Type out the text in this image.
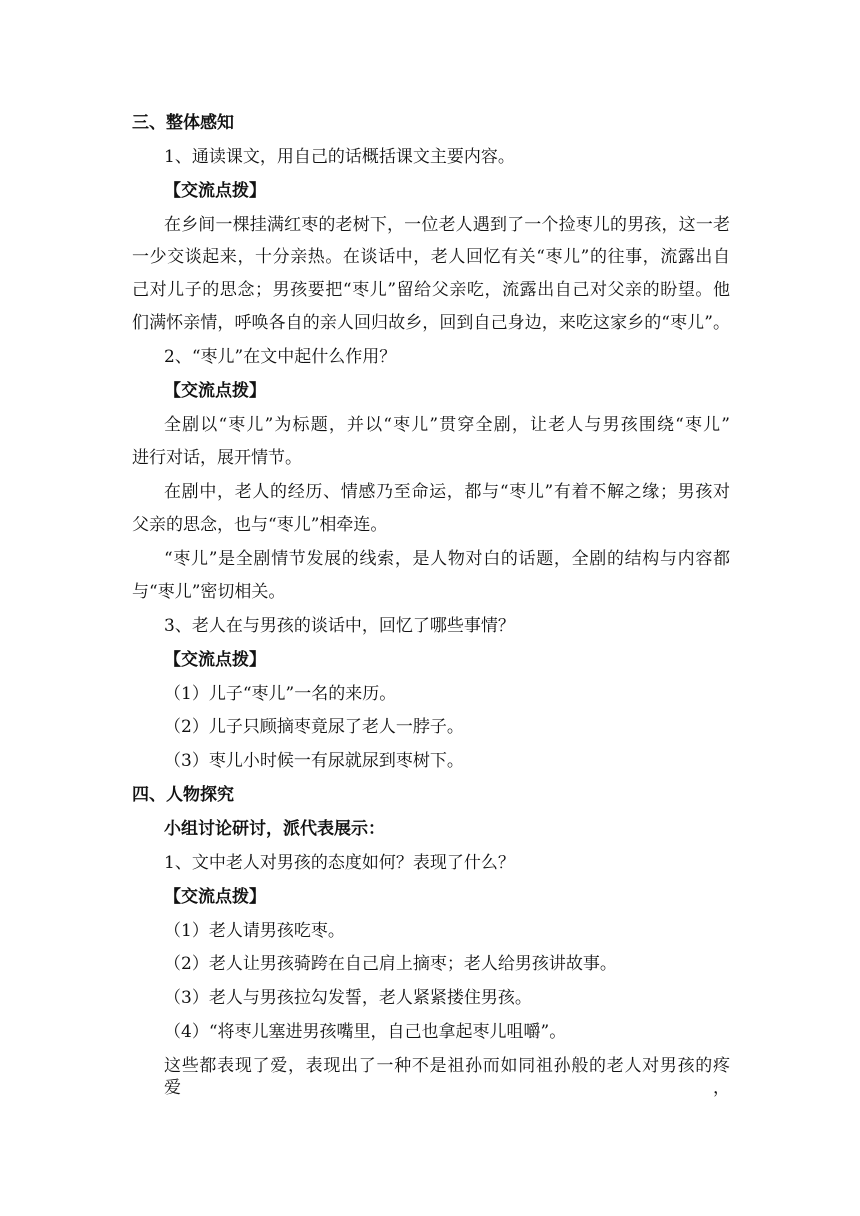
三、整体感知
1、通读课文，用自己的话概括课文主要内容。
【交流点拨】
在乡间一棵挂满红枣的老树下，一位老人遇到了一个捡枣儿的男孩，这一老
一少交谈起来，十分亲热。在谈话中，老人回忆有关“枣儿”的往事，流露出自
己对儿子的思念；男孩要把“枣儿”留给父亲吃，流露出自己对父亲的盼望。他
们满怀亲情，呼唤各自的亲人回归故乡，回到自己身边，来吃这家乡的“枣儿”。
2、“枣儿”在文中起什么作用？
【交流点拨】
全剧以“枣儿”为标题，并以“枣儿”贯穿全剧，让老人与男孩围绕“枣儿”
进行对话，展开情节。
在剧中，老人的经历、情感乃至命运，都与“枣儿”有着不解之缘；男孩对
父亲的思念，也与“枣儿”相牵连。
“枣儿”是全剧情节发展的线索，是人物对白的话题，全剧的结构与内容都
与“枣儿”密切相关。
3、老人在与男孩的谈话中，回忆了哪些事情？
【交流点拨】
（1）儿子“枣儿”一名的来历。
（2）儿子只顾摘枣竟尿了老人一脖子。
（3）枣儿小时候一有尿就尿到枣树下。
四、人物探究
小组讨论研讨，派代表展示：
1、文中老人对男孩的态度如何？表现了什么？
【交流点拨】
（1）老人请男孩吃枣。
（2）老人让男孩骑跨在自己肩上摘枣；老人给男孩讲故事。
（3）老人与男孩拉勾发誓，老人紧紧搂住男孩。
（4）“将枣儿塞进男孩嘴里，自己也拿起枣儿咀嚼”。
这些都表现了爱，表现出了一种不是祖孙而如同祖孙般的老人对男孩的疼爱，
